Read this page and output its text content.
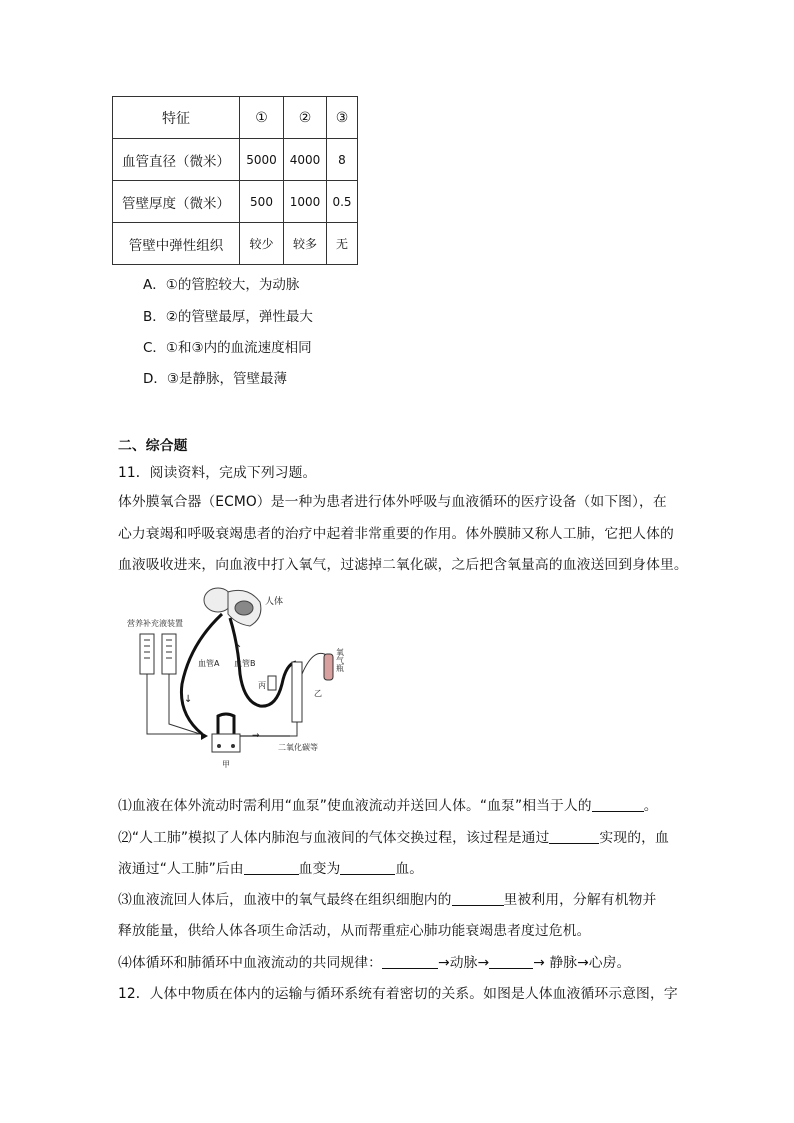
特征	①	②	③
血管直径（微米）	5000	4000	8
管壁厚度（微米）	500	1000	0.5
管壁中弹性组织	较少	较多	无
A．①的管腔较大，为动脉
B．②的管壁最厚，弹性最大
C．①和③内的血流速度相同
D．③是静脉，管壁最薄
二、综合题
11．阅读资料，完成下列习题。
体外膜氧合器（ECMO）是一种为患者进行体外呼吸与血液循环的医疗设备（如下图），在
心力衰竭和呼吸衰竭患者的治疗中起着非常重要的作用。体外膜肺又称人工肺，它把人体的
血液吸收进来，向血液中打入氧气，过滤掉二氧化碳，之后把含氧量高的血液送回到身体里。
人体
营养补充液装置
血管A 血管B
↓
↑
丙
乙
氧气瓶
甲
→
二氧化碳等
⑴血液在体外流动时需利用“血泵”使血液流动并送回人体。“血泵”相当于人的	。
⑵“人工肺”模拟了人体内肺泡与血液间的气体交换过程，该过程是通过	实现的，血
液通过“人工肺”后由	血变为	血。
⑶血液流回人体后，血液中的氧气最终在组织细胞内的	里被利用，分解有机物并
释放能量，供给人体各项生命活动，从而帮重症心肺功能衰竭患者度过危机。
⑷体循环和肺循环中血液流动的共同规律：	→动脉→	→ 静脉→心房。
12．人体中物质在体内的运输与循环系统有着密切的关系。如图是人体血液循环示意图，字
